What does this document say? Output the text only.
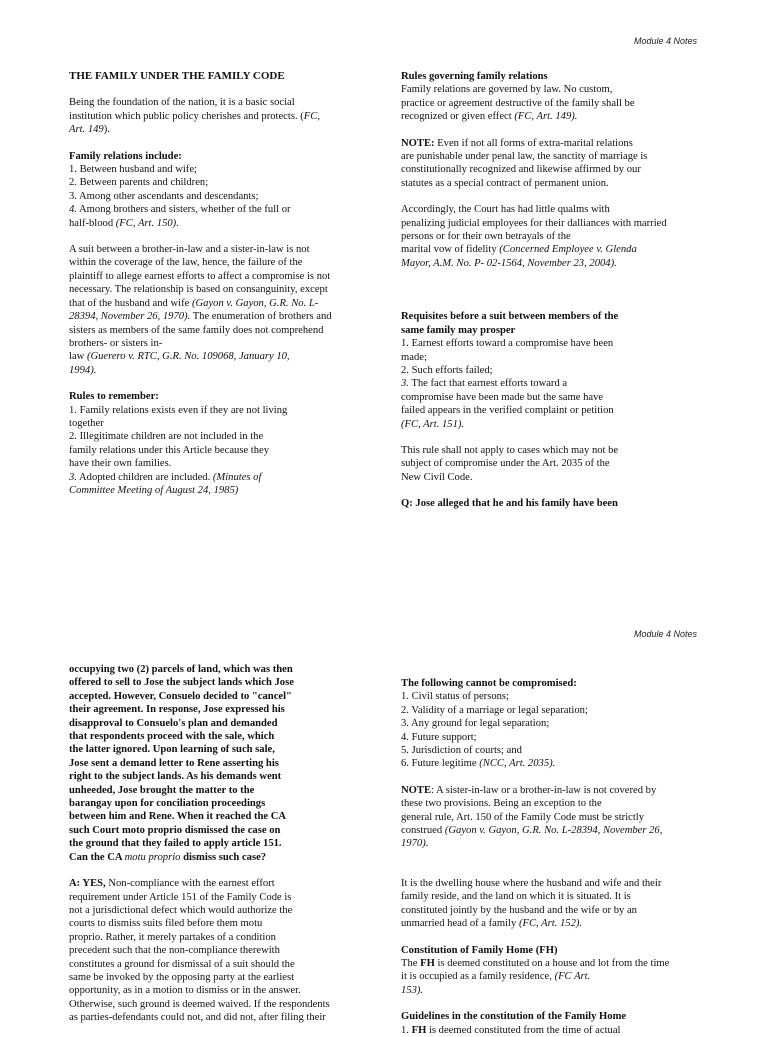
Module 4 Notes
THE FAMILY UNDER THE FAMILY CODE

Being the foundation of the nation, it is a basic social
institution which public policy cherishes and protects. (FC,
Art. 149).

Family relations include:
1. Between husband and wife;
2. Between parents and children;
3. Among other ascendants and descendants;
4. Among brothers and sisters, whether of the full or
half-blood (FC, Art. 150).

A suit between a brother-in-law and a sister-in-law is not
within the coverage of the law, hence, the failure of the
plaintiff to allege earnest efforts to affect a compromise is not
necessary. The relationship is based on consanguinity, except
that of the husband and wife (Gayon v. Gayon, G.R. No. L-
28394, November 26, 1970). The enumeration of brothers and
sisters as members of the same family does not comprehend
brothers- or sisters in-
law (Guerero v. RTC, G.R. No. 109068, January 10,
1994).

Rules to remember:
1. Family relations exists even if they are not living
together
2. Illegitimate children are not included in the
family relations under this Article because they
have their own families.
3. Adopted children are included. (Minutes of
Committee Meeting of August 24, 1985)
Rules governing family relations
Family relations are governed by law. No custom,
practice or agreement destructive of the family shall be
recognized or given effect (FC, Art. 149).

NOTE: Even if not all forms of extra-marital relations
are punishable under penal law, the sanctity of marriage is
constitutionally recognized and likewise affirmed by our
statutes as a special contract of permanent union.

Accordingly, the Court has had little qualms with
penalizing judicial employees for their dalliances with married
persons or for their own betrayals of the
marital vow of fidelity (Concerned Employee v. Glenda
Mayor, A.M. No. P- 02-1564, November 23, 2004).

Requisites before a suit between members of the
same family may prosper
1. Earnest efforts toward a compromise have been
made;
2. Such efforts failed;
3. The fact that earnest efforts toward a
compromise have been made but the same have
failed appears in the verified complaint or petition
(FC, Art. 151).

This rule shall not apply to cases which may not be
subject of compromise under the Art. 2035 of the
New Civil Code.

Q: Jose alleged that he and his family have been

Module 4 Notes

occupying two (2) parcels of land, which was then
offered to sell to Jose the subject lands which Jose
accepted. However, Consuelo decided to "cancel"
their agreement. In response, Jose expressed his
disapproval to Consuelo's plan and demanded
that respondents proceed with the sale, which
the latter ignored. Upon learning of such sale,
Jose sent a demand letter to Rene asserting his
right to the subject lands. As his demands went
unheeded, Jose brought the matter to the
barangay upon for conciliation proceedings
between him and Rene. When it reached the CA
such Court moto proprio dismissed the case on
the ground that they failed to apply article 151.
Can the CA motu proprio dismiss such case?

A: YES, Non-compliance with the earnest effort
requirement under Article 151 of the Family Code is
not a jurisdictional defect which would authorize the
courts to dismiss suits filed before them motu
proprio. Rather, it merely partakes of a condition
precedent such that the non-compliance therewith
constitutes a ground for dismissal of a suit should the
same be invoked by the opposing party at the earliest
opportunity, as in a motion to dismiss or in the answer.
Otherwise, such ground is deemed waived. If the respondents
as parties-defendants could not, and did not, after filing their

The following cannot be compromised:
1. Civil status of persons;
2. Validity of a marriage or legal separation;
3. Any ground for legal separation;
4. Future support;
5. Jurisdiction of courts; and
6. Future legitime (NCC, Art. 2035).

NOTE: A sister-in-law or a brother-in-law is not covered by
these two provisions. Being an exception to the
general rule, Art. 150 of the Family Code must be strictly
construed (Gayon v. Gayon, G.R. No. L-28394, November 26,
1970).

It is the dwelling house where the husband and wife and their
family reside, and the land on which it is situated. It is
constituted jointly by the husband and the wife or by an
unmarried head of a family (FC, Art. 152).

Constitution of Family Home (FH)
The FH is deemed constituted on a house and lot from the time
it is occupied as a family residence, (FC Art.
153).
Guidelines in the constitution of the Family Home
1. FH is deemed constituted from the time of actual
